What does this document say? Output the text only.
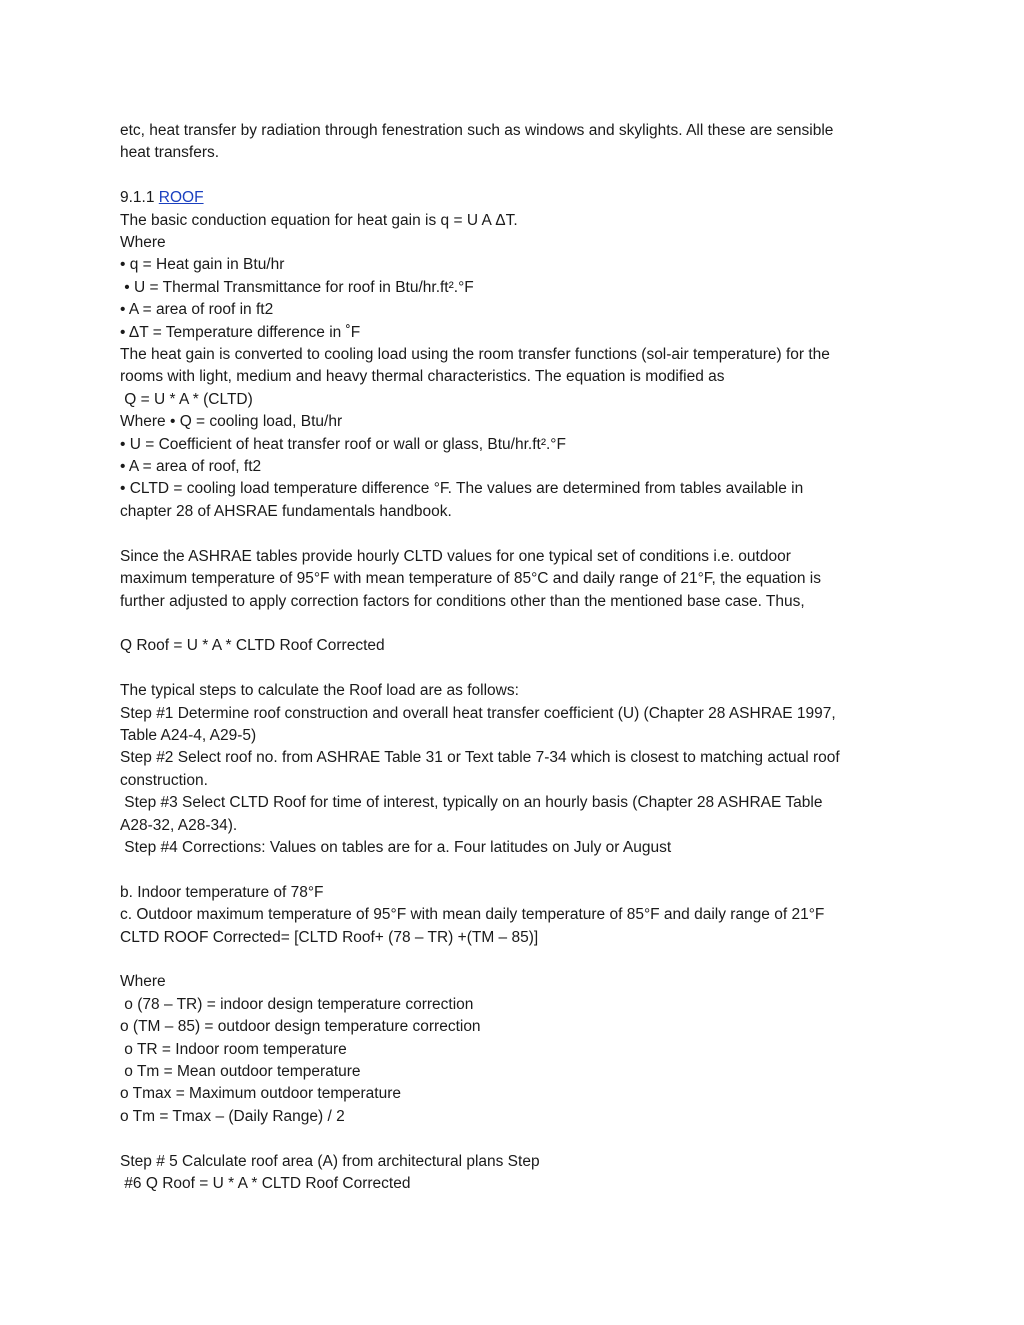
etc, heat transfer by radiation through fenestration such as windows and skylights. All these are sensible
heat transfers.
9.1.1 ROOF
The basic conduction equation for heat gain is q = U A ΔT.
Where
• q = Heat gain in Btu/hr
• U = Thermal Transmittance for roof in Btu/hr.ft².°F
• A = area of roof in ft2
• ΔT = Temperature difference in ˚F
The heat gain is converted to cooling load using the room transfer functions (sol-air temperature) for the
rooms with light, medium and heavy thermal characteristics. The equation is modified as
Q = U * A * (CLTD)
Where • Q = cooling load, Btu/hr
• U = Coefficient of heat transfer roof or wall or glass, Btu/hr.ft².°F
• A = area of roof, ft2
• CLTD = cooling load temperature difference °F. The values are determined from tables available in
chapter 28 of AHSRAE fundamentals handbook.
Since the ASHRAE tables provide hourly CLTD values for one typical set of conditions i.e. outdoor
maximum temperature of 95°F with mean temperature of 85°C and daily range of 21°F, the equation is
further adjusted to apply correction factors for conditions other than the mentioned base case. Thus,
Q Roof = U * A * CLTD Roof Corrected
The typical steps to calculate the Roof load are as follows:
Step #1 Determine roof construction and overall heat transfer coefficient (U) (Chapter 28 ASHRAE 1997,
Table A24-4, A29-5)
Step #2 Select roof no. from ASHRAE Table 31 or Text table 7-34 which is closest to matching actual roof
construction.
Step #3 Select CLTD Roof for time of interest, typically on an hourly basis (Chapter 28 ASHRAE Table
A28-32, A28-34).
Step #4 Corrections: Values on tables are for a. Four latitudes on July or August
b. Indoor temperature of 78°F
c. Outdoor maximum temperature of 95°F with mean daily temperature of 85°F and daily range of 21°F
CLTD ROOF Corrected= [CLTD Roof+ (78 – TR) +(TM – 85)]
Where
o (78 – TR) = indoor design temperature correction
o (TM – 85) = outdoor design temperature correction
o TR = Indoor room temperature
o Tm = Mean outdoor temperature
o Tmax = Maximum outdoor temperature
o Tm = Tmax – (Daily Range) / 2
Step # 5 Calculate roof area (A) from architectural plans Step
#6 Q Roof = U * A * CLTD Roof Corrected
